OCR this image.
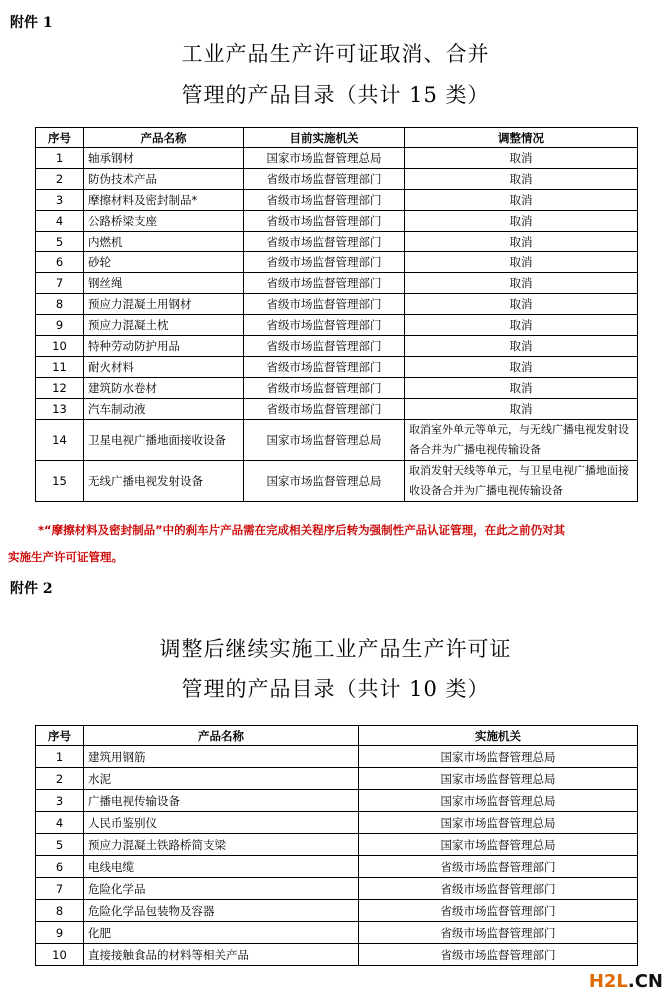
附件 1
工业产品生产许可证取消、合并
管理的产品目录（共计 15 类）
序号	产品名称	目前实施机关	调整情况
1	轴承钢材	国家市场监督管理总局	取消
2	防伪技术产品	省级市场监督管理部门	取消
3	摩擦材料及密封制品*	省级市场监督管理部门	取消
4	公路桥梁支座	省级市场监督管理部门	取消
5	内燃机	省级市场监督管理部门	取消
6	砂轮	省级市场监督管理部门	取消
7	钢丝绳	省级市场监督管理部门	取消
8	预应力混凝土用钢材	省级市场监督管理部门	取消
9	预应力混凝土枕	省级市场监督管理部门	取消
10	特种劳动防护用品	省级市场监督管理部门	取消
11	耐火材料	省级市场监督管理部门	取消
12	建筑防水卷材	省级市场监督管理部门	取消
13	汽车制动液	省级市场监督管理部门	取消
14	卫星电视广播地面接收设备	国家市场监督管理总局	取消室外单元等单元，与无线广播电视发射设备合并为广播电视传输设备
15	无线广播电视发射设备	国家市场监督管理总局	取消发射天线等单元，与卫星电视广播地面接收设备合并为广播电视传输设备
*“摩擦材料及密封制品”中的刹车片产品需在完成相关程序后转为强制性产品认证管理，在此之前仍对其
实施生产许可证管理。
附件 2
调整后继续实施工业产品生产许可证
管理的产品目录（共计 10 类）
序号	产品名称	实施机关
1	建筑用钢筋	国家市场监督管理总局
2	水泥	国家市场监督管理总局
3	广播电视传输设备	国家市场监督管理总局
4	人民币鉴别仪	国家市场监督管理总局
5	预应力混凝土铁路桥简支梁	国家市场监督管理总局
6	电线电缆	省级市场监督管理部门
7	危险化学品	省级市场监督管理部门
8	危险化学品包装物及容器	省级市场监督管理部门
9	化肥	省级市场监督管理部门
10	直接接触食品的材料等相关产品	省级市场监督管理部门
H2L.CN
